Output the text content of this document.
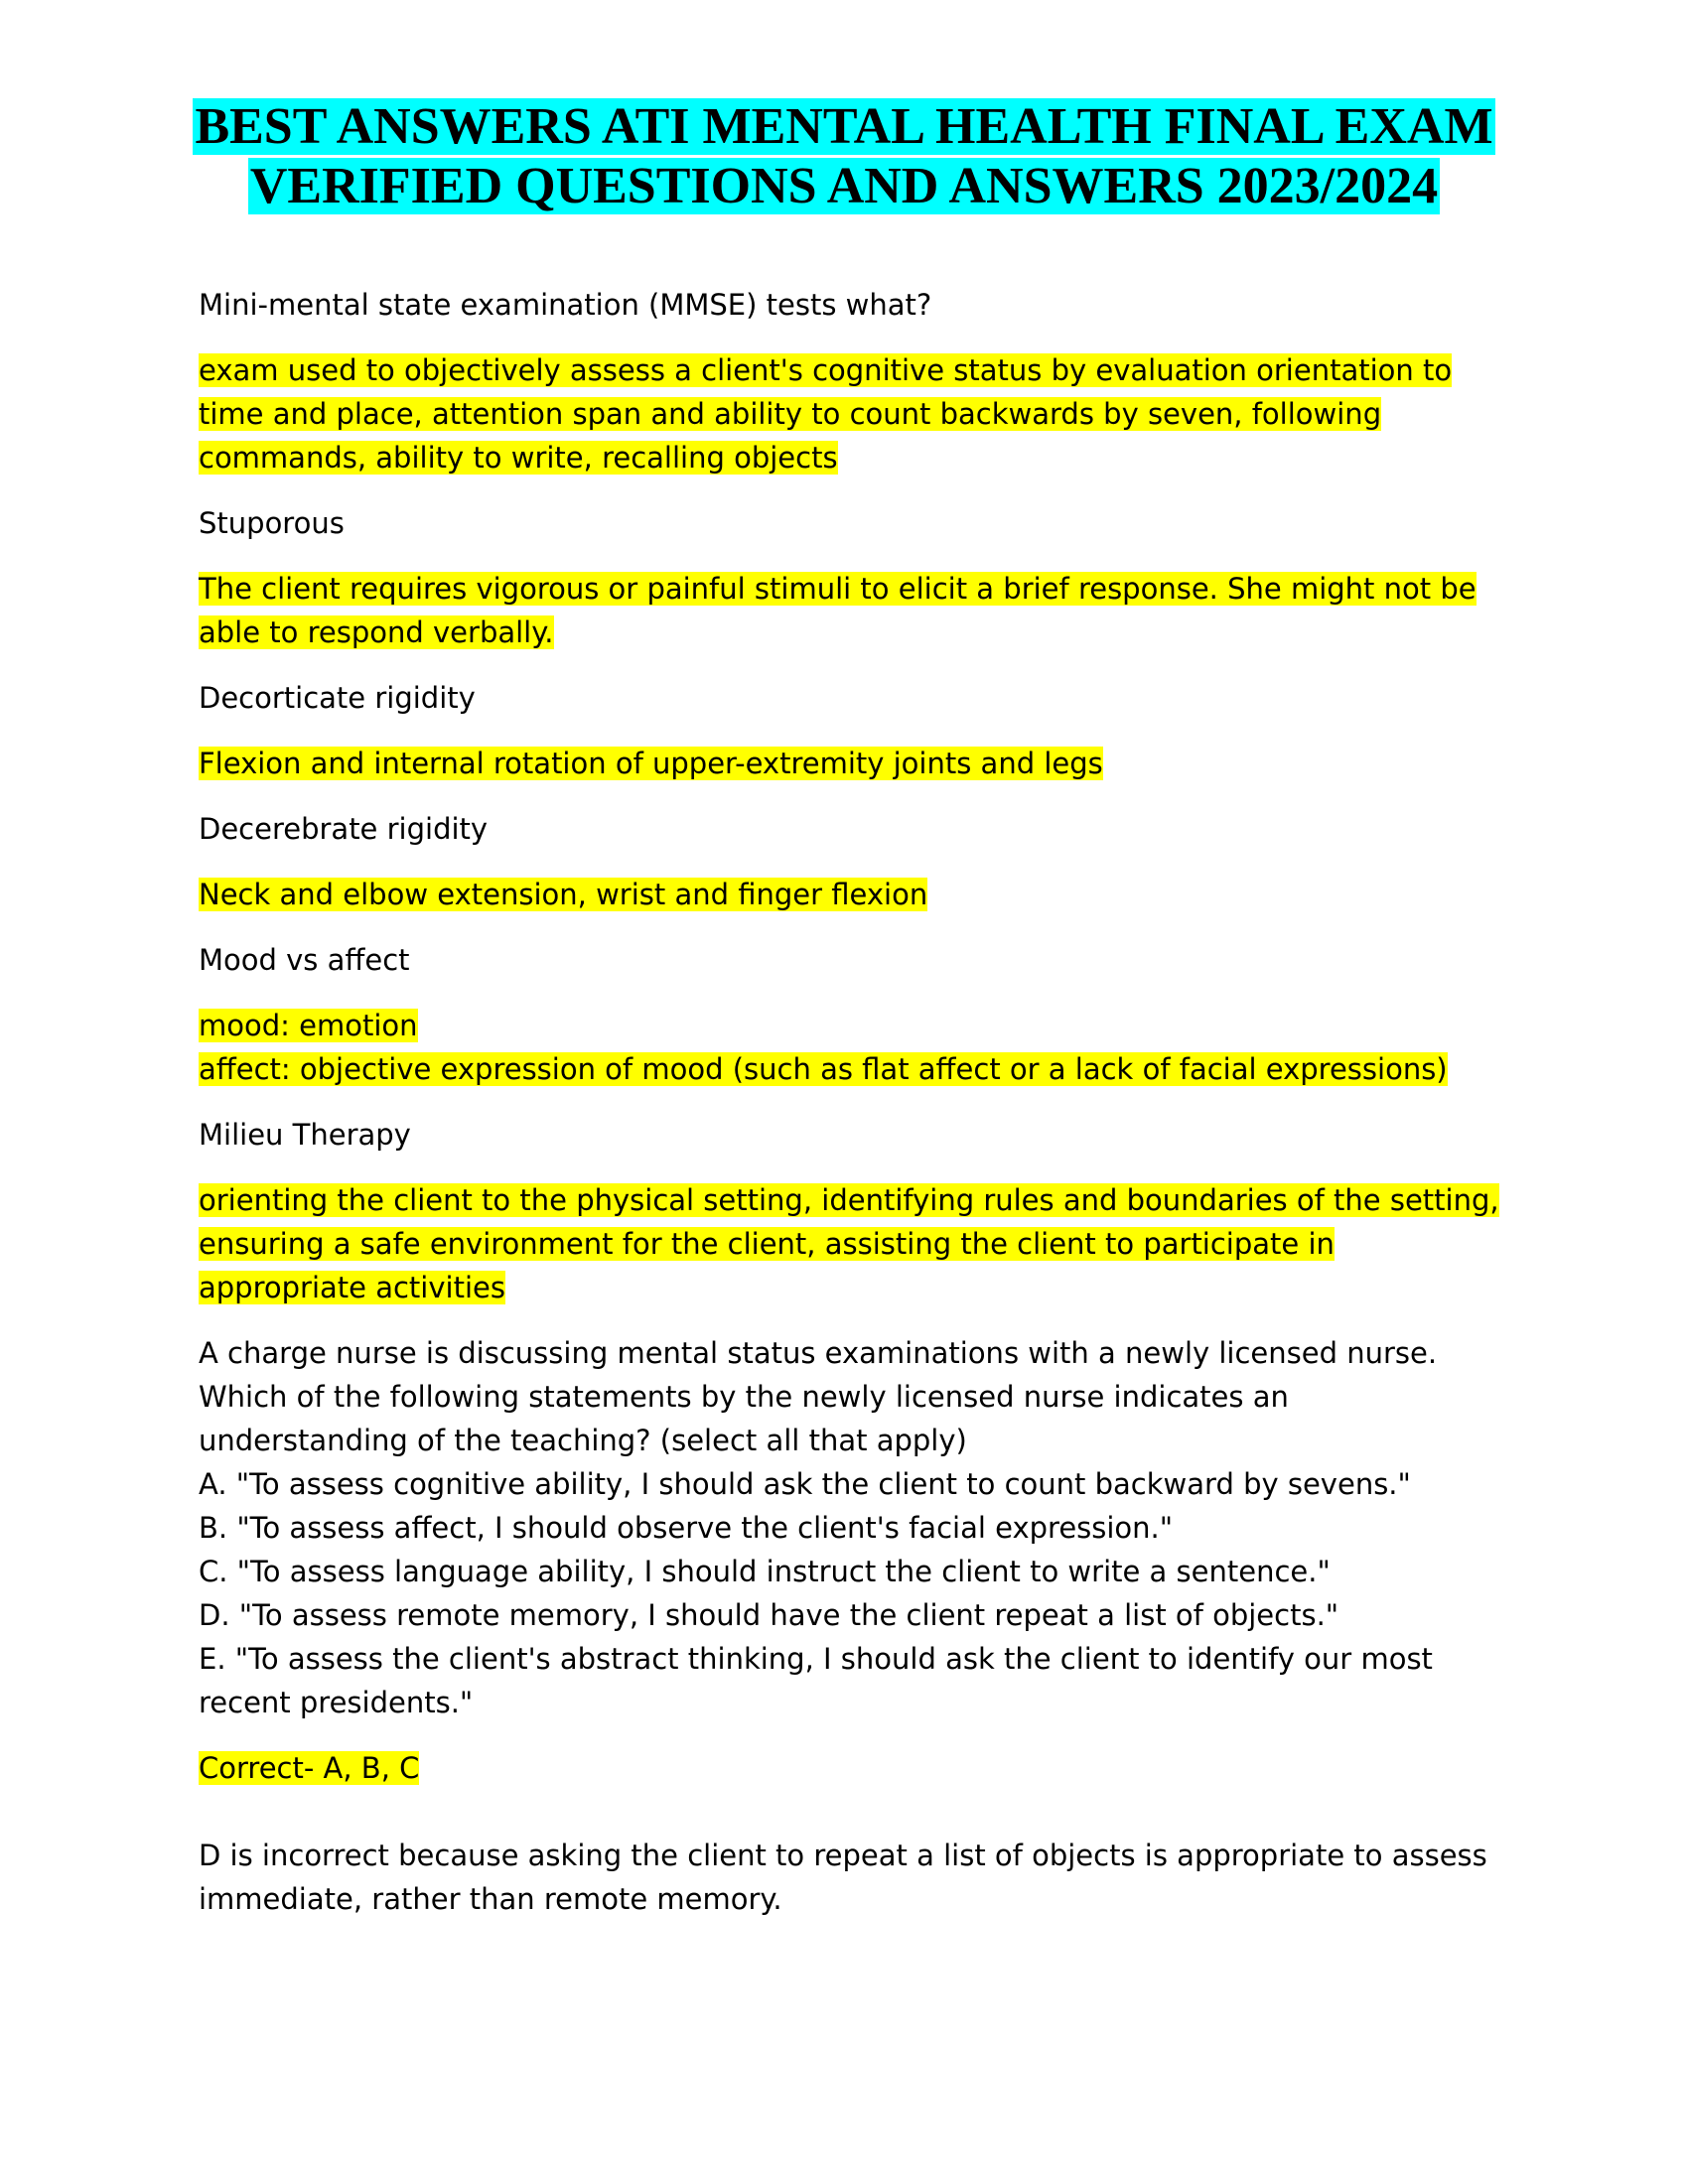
BEST ANSWERS ATI MENTAL HEALTH FINAL EXAM
VERIFIED QUESTIONS AND ANSWERS 2023/2024

Mini-mental state examination (MMSE) tests what?

exam used to objectively assess a client's cognitive status by evaluation orientation to time and place, attention span and ability to count backwards by seven, following commands, ability to write, recalling objects

Stuporous

The client requires vigorous or painful stimuli to elicit a brief response. She might not be able to respond verbally.

Decorticate rigidity

Flexion and internal rotation of upper-extremity joints and legs

Decerebrate rigidity

Neck and elbow extension, wrist and finger flexion

Mood vs affect

mood: emotion
affect: objective expression of mood (such as flat affect or a lack of facial expressions)

Milieu Therapy

orienting the client to the physical setting, identifying rules and boundaries of the setting, ensuring a safe environment for the client, assisting the client to participate in appropriate activities

A charge nurse is discussing mental status examinations with a newly licensed nurse. Which of the following statements by the newly licensed nurse indicates an understanding of the teaching? (select all that apply)
A. "To assess cognitive ability, I should ask the client to count backward by sevens."
B. "To assess affect, I should observe the client's facial expression."
C. "To assess language ability, I should instruct the client to write a sentence."
D. "To assess remote memory, I should have the client repeat a list of objects."
E. "To assess the client's abstract thinking, I should ask the client to identify our most recent presidents."

Correct- A, B, C

D is incorrect because asking the client to repeat a list of objects is appropriate to assess immediate, rather than remote memory.
